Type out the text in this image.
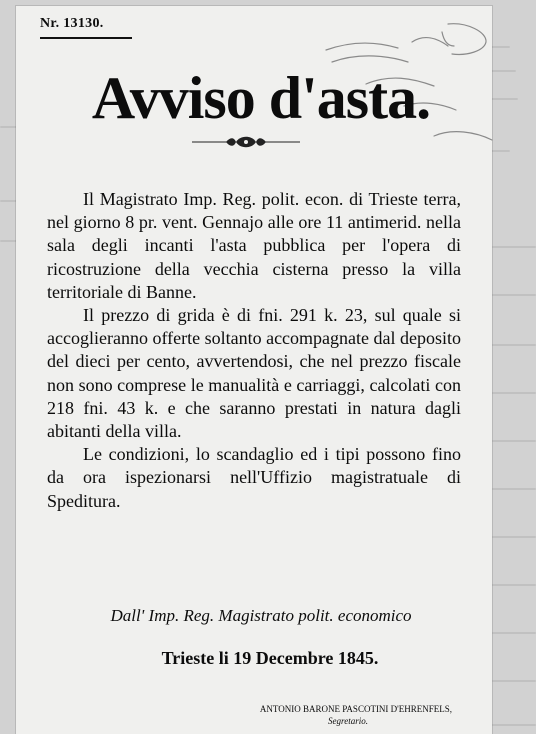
Nr. 13130.
Avviso d'asta.

Il Magistrato Imp. Reg. polit. econ. di Trieste terra, nel giorno 8 pr. vent. Gennajo alle ore 11 antimerid. nella sala degli incanti l'asta pubblica per l'opera di ricostruzione della vecchia cisterna presso la villa territoriale di Banne.

Il prezzo di grida è di fni. 291 k. 23, sul quale si accoglieranno offerte soltanto accompagnate dal deposito del dieci per cento, avvertendosi, che nel prezzo fiscale non sono comprese le manualità e carriaggi, calcolati con 218 fni. 43 k. e che saranno prestati in natura dagli abitanti della villa.

Le condizioni, lo scandaglio ed i tipi possono fino da ora ispezionarsi nell'Uffizio magistratuale di Speditura.

Dall' Imp. Reg. Magistrato polit. economico
Trieste li 19 Decembre 1845.
ANTONIO BARONE PASCOTINI D'EHRENFELS,
Segretario.
